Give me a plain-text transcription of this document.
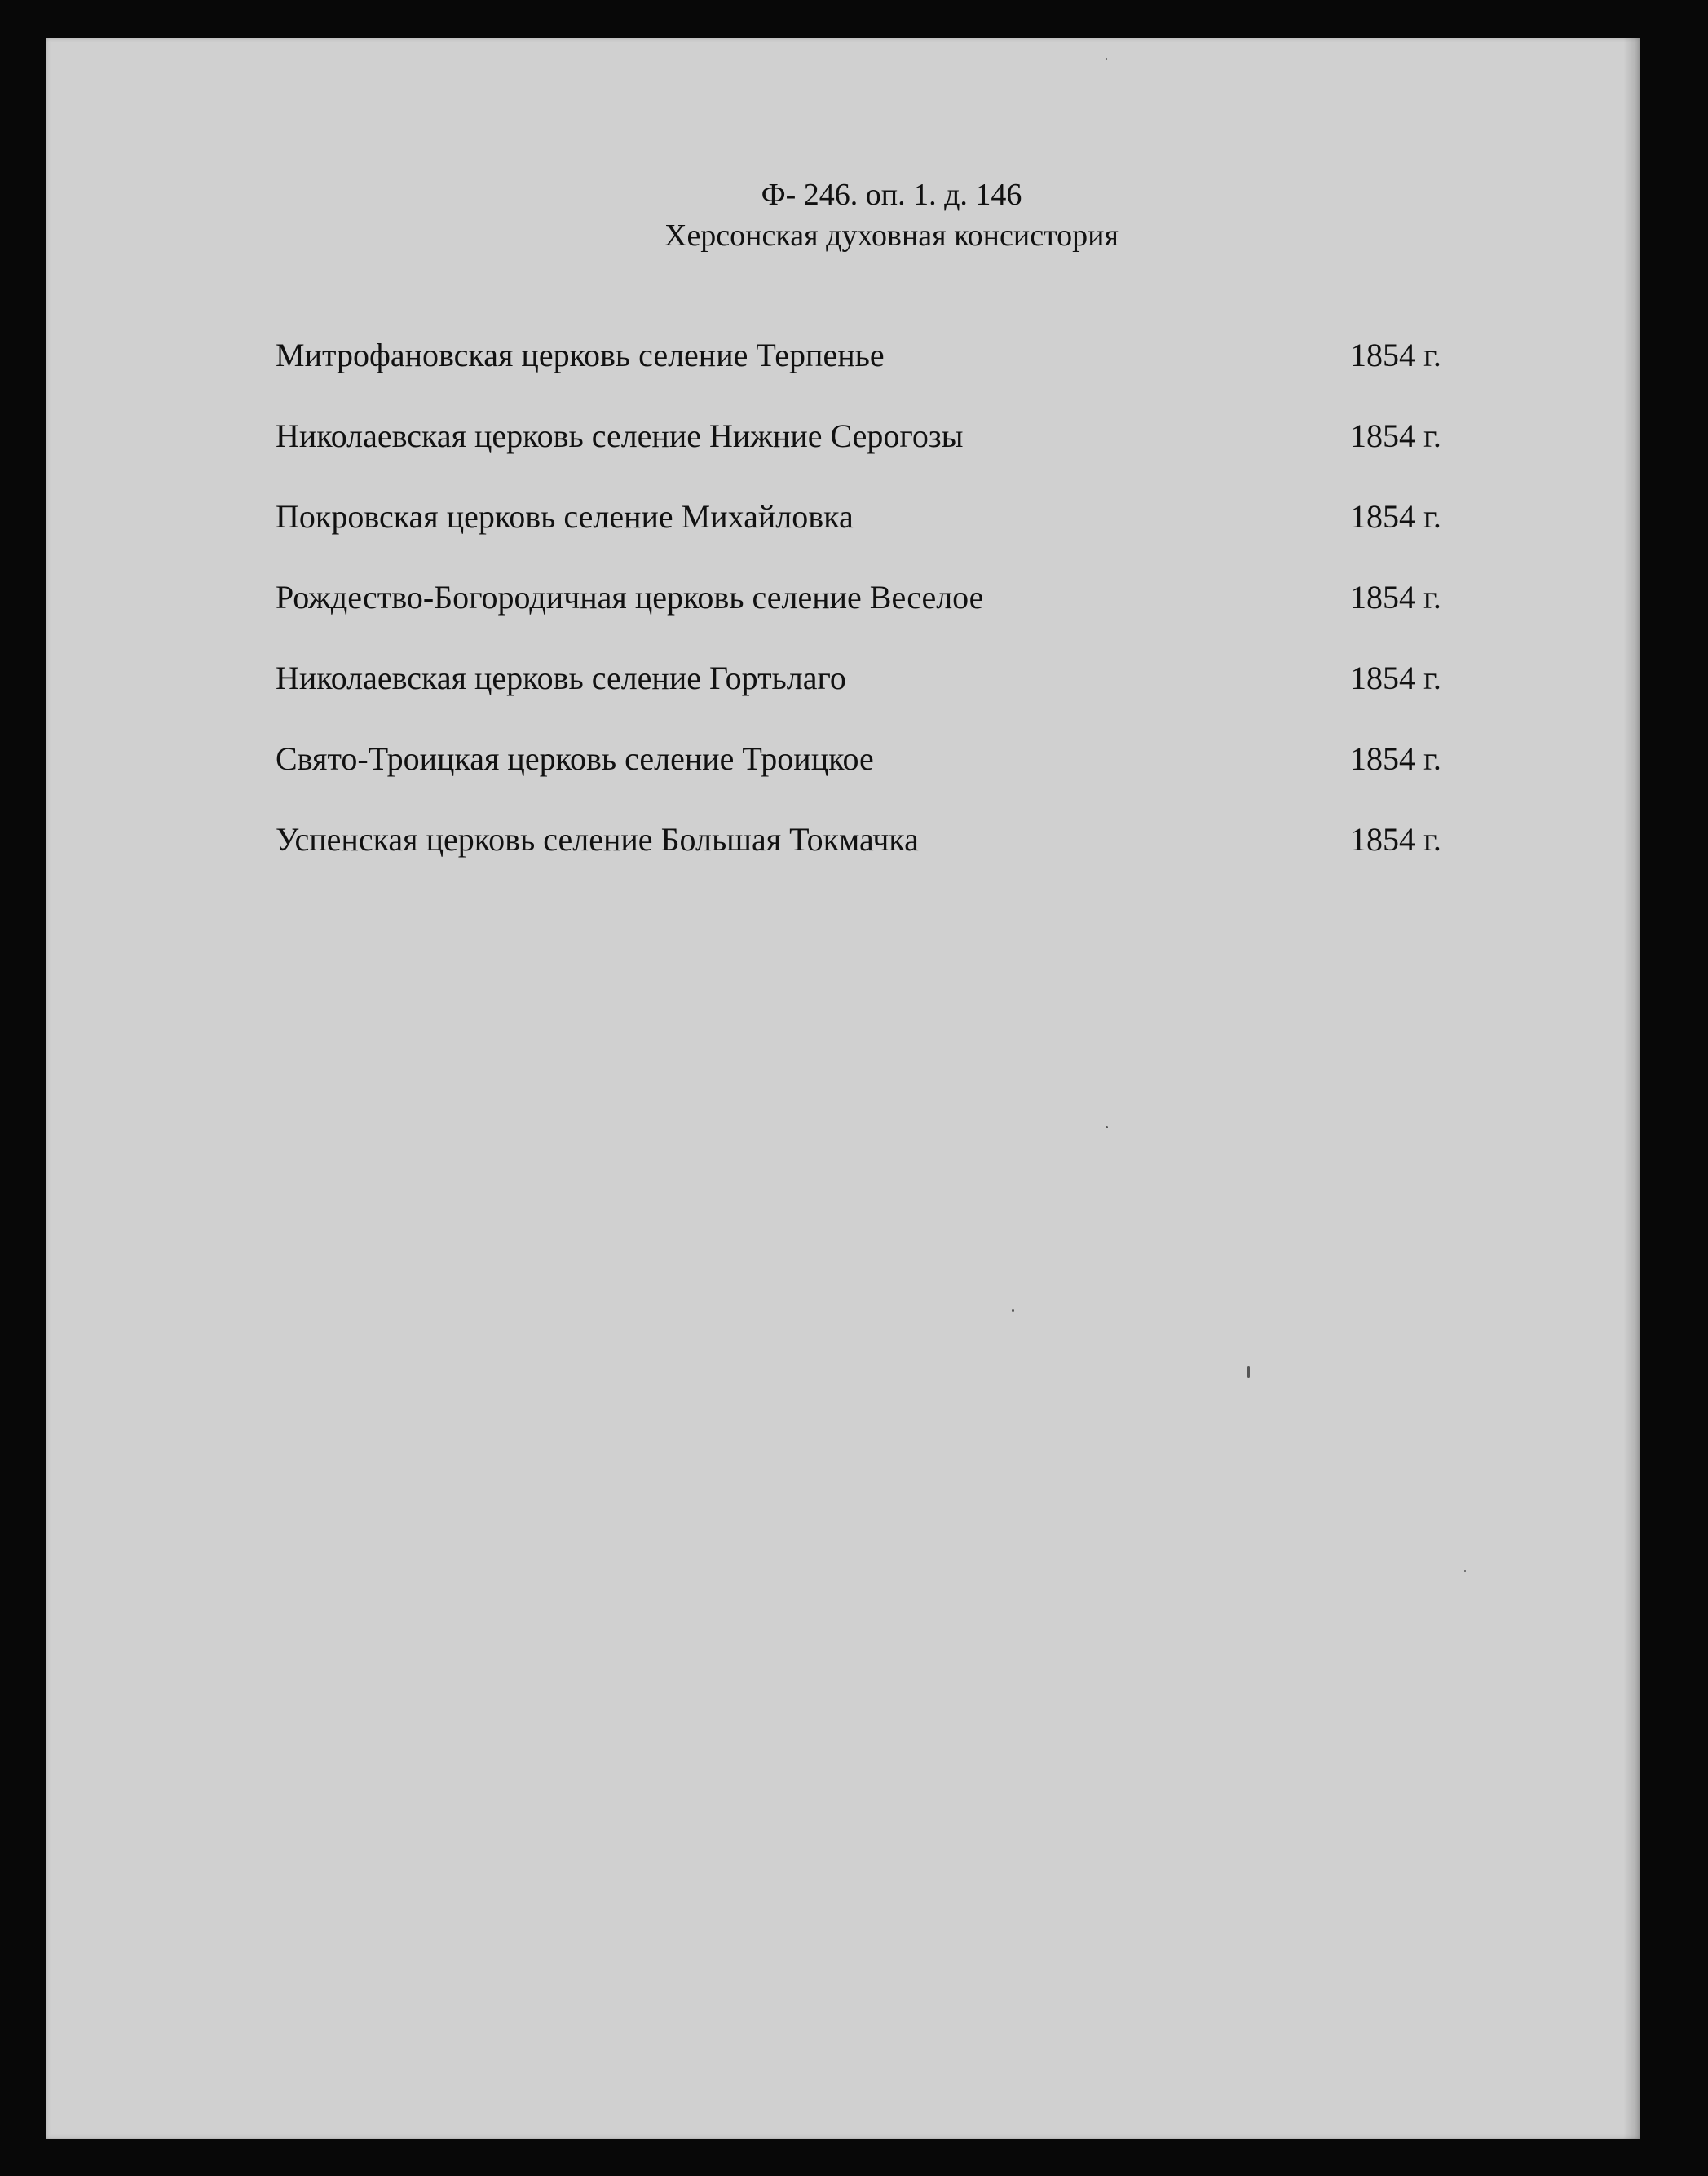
Ф- 246. оп. 1. д. 146
Херсонская духовная консистория
Митрофановская церковь селение Терпенье	1854 г.
Николаевская церковь селение Нижние Серогозы	1854 г.
Покровская церковь селение Михайловка	1854 г.
Рождество-Богородичная церковь селение Веселое	1854 г.
Николаевская церковь селение Гортьлаго	1854 г.
Свято-Троицкая церковь селение Троицкое	1854 г.
Успенская церковь селение Большая Токмачка	1854 г.
